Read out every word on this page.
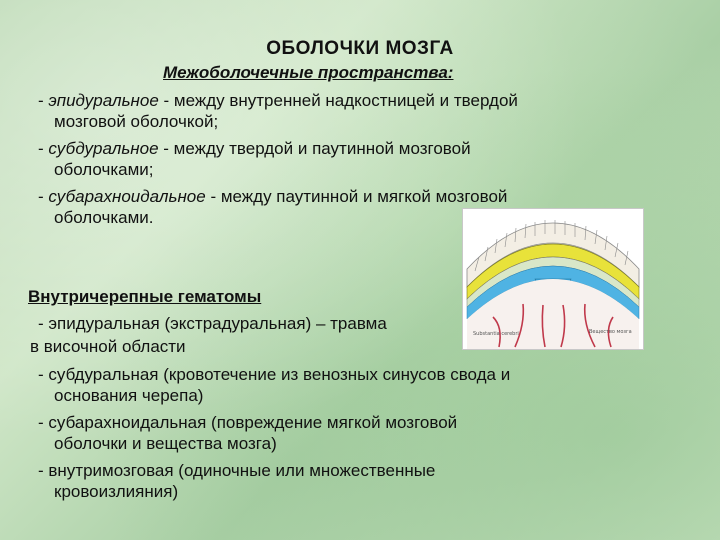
ОБОЛОЧКИ МОЗГА
Межоболочечные пространства:
- эпидуральное - между внутренней надкостницей и твердой
мозговой оболочкой;
- субдуральное - между твердой и паутинной мозговой
оболочками;
- субарахноидальное - между паутинной и мягкой мозговой
оболочками.
Substantia cerebri	Вещество мозга
Внутричерепные гематомы
- эпидуральная (экстрадуральная) – травма
в височной области
- субдуральная (кровотечение из венозных синусов свода и
основания черепа)
- субарахноидальная (повреждение мягкой мозговой
оболочки и вещества мозга)
- внутримозговая (одиночные или множественные
кровоизлияния)
